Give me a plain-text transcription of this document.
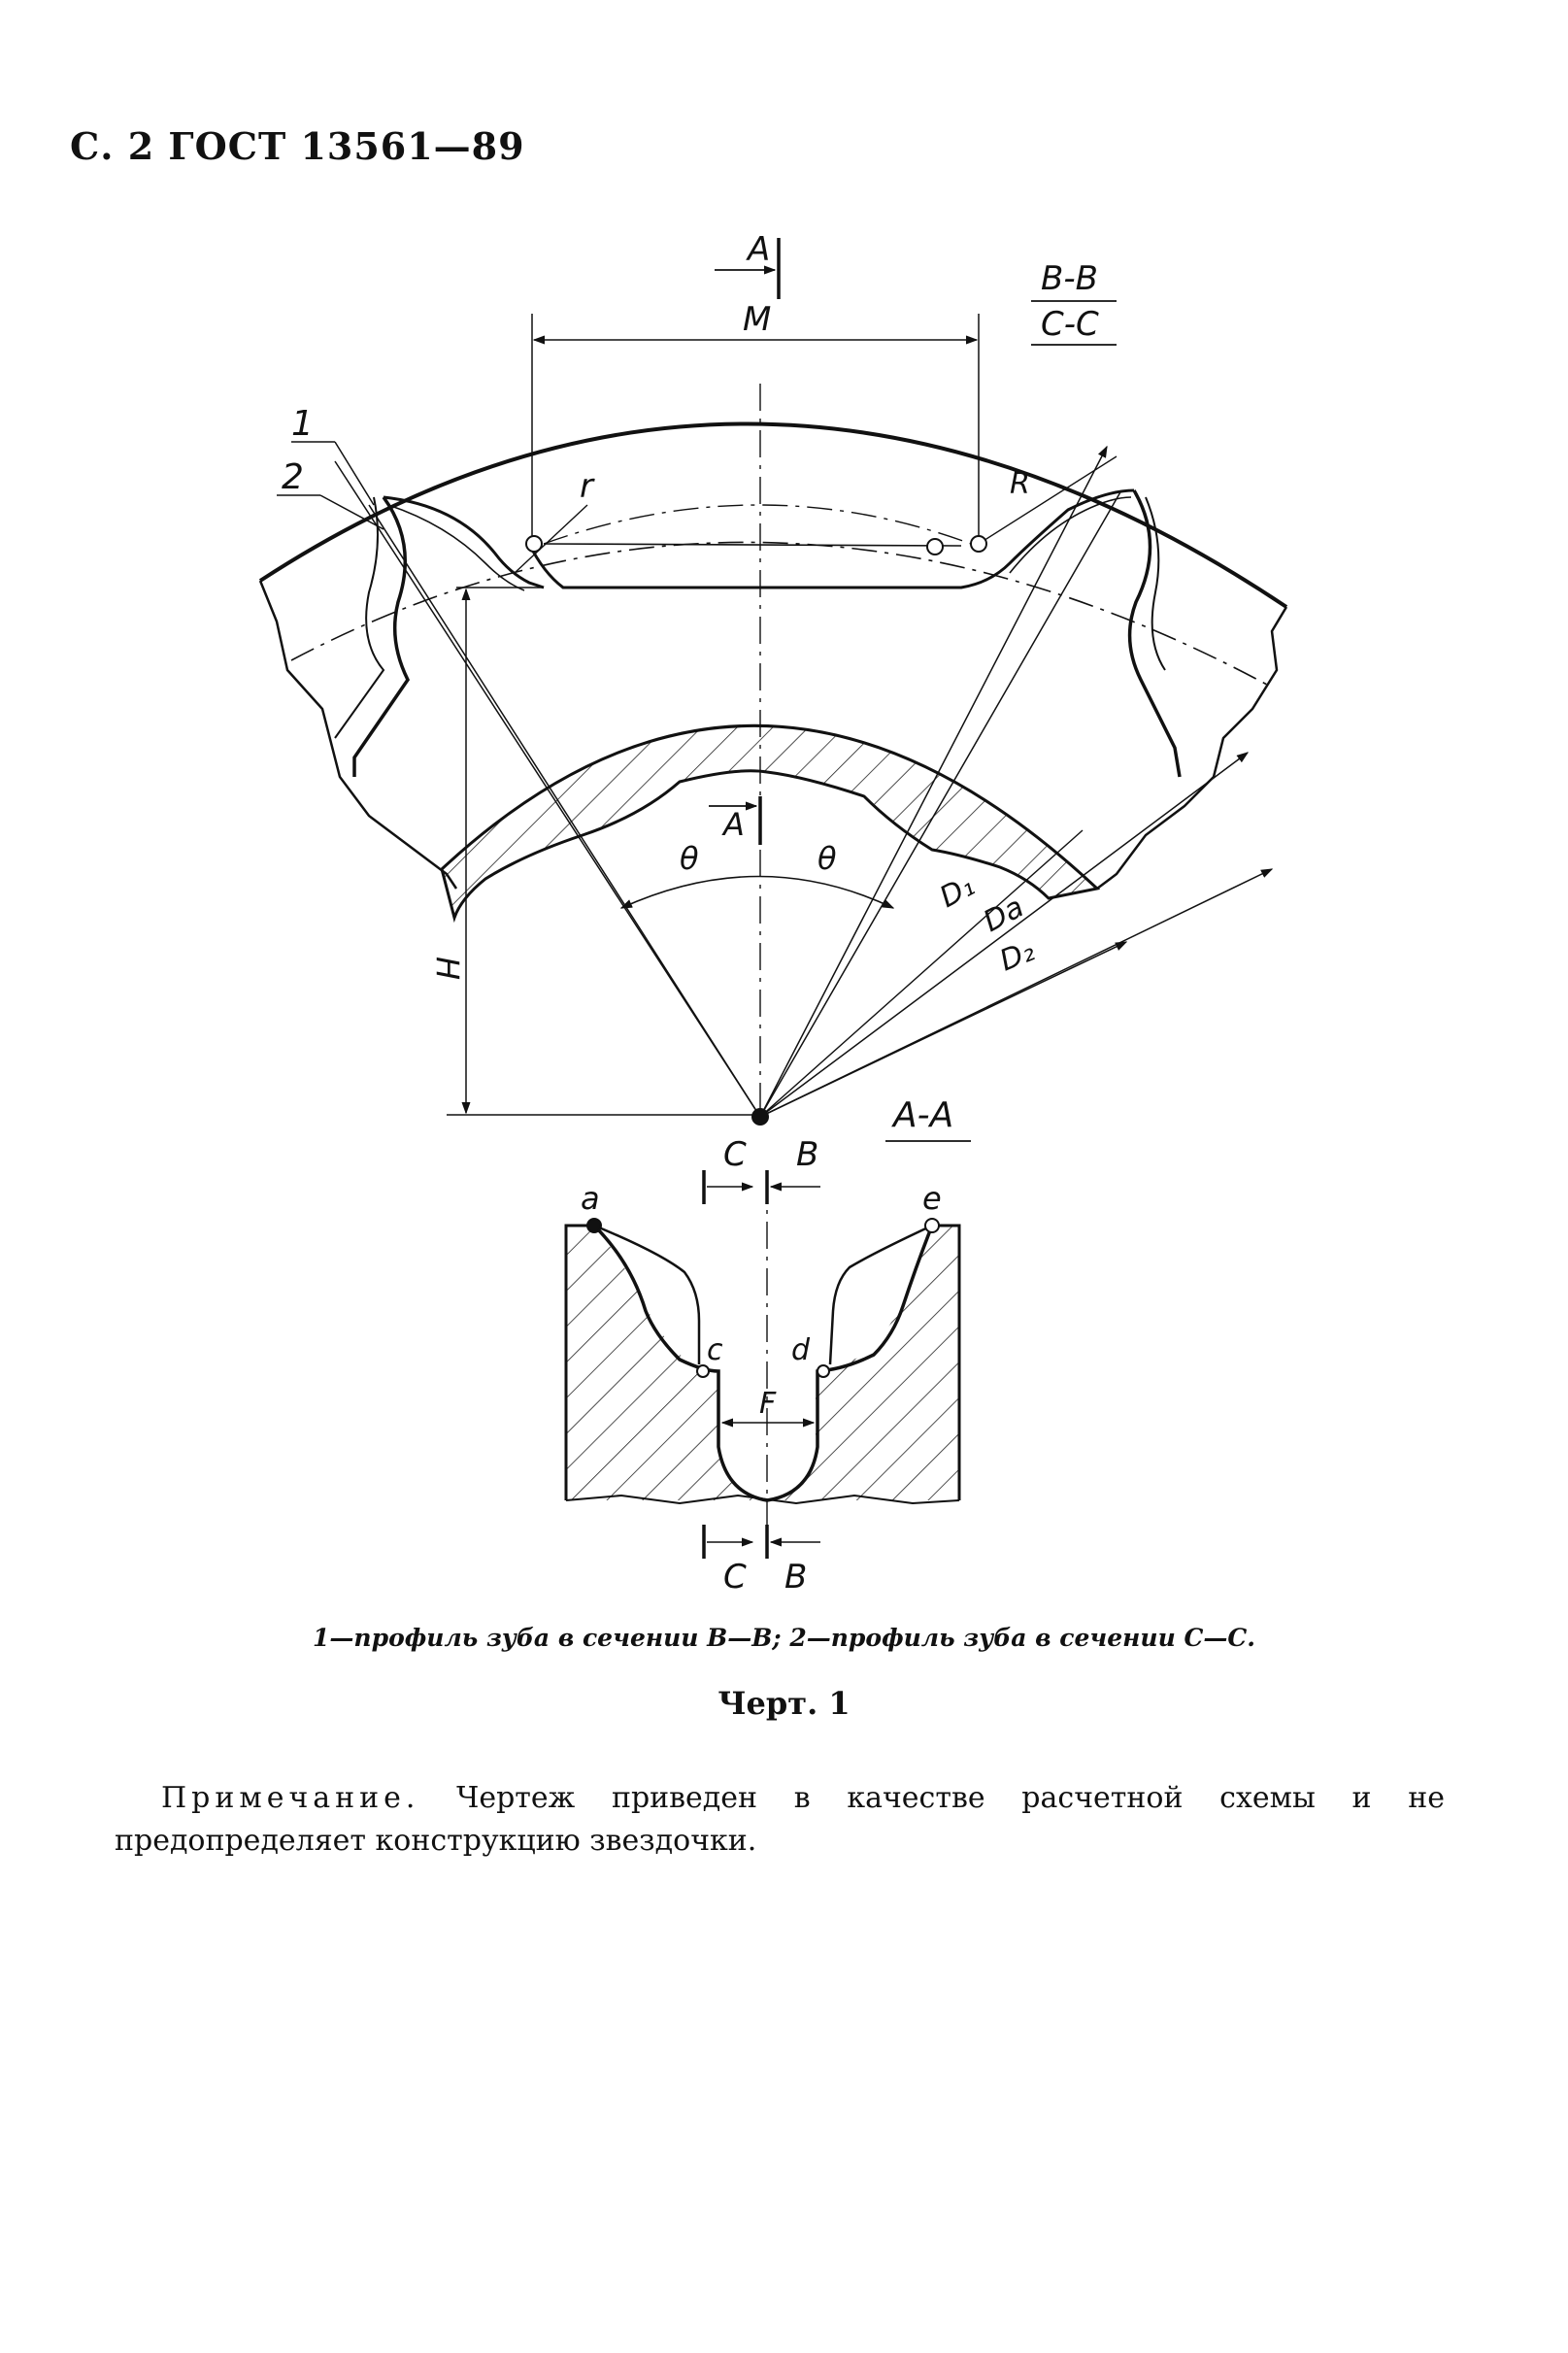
С. 2 ГОСТ 13561—89
В-В
С-С
А
М
1
2	r	R
А
θ	θ
D₁
Da
D₂
Н
А-А
С В
a	e
c d
F
С В
1—профиль зуба в сечении В—В; 2—профиль зуба в сечении С—С.
Черт. 1
Примечание. Чертеж приведен в качестве расчетной схемы и не предопределяет конструкцию звездочки.
